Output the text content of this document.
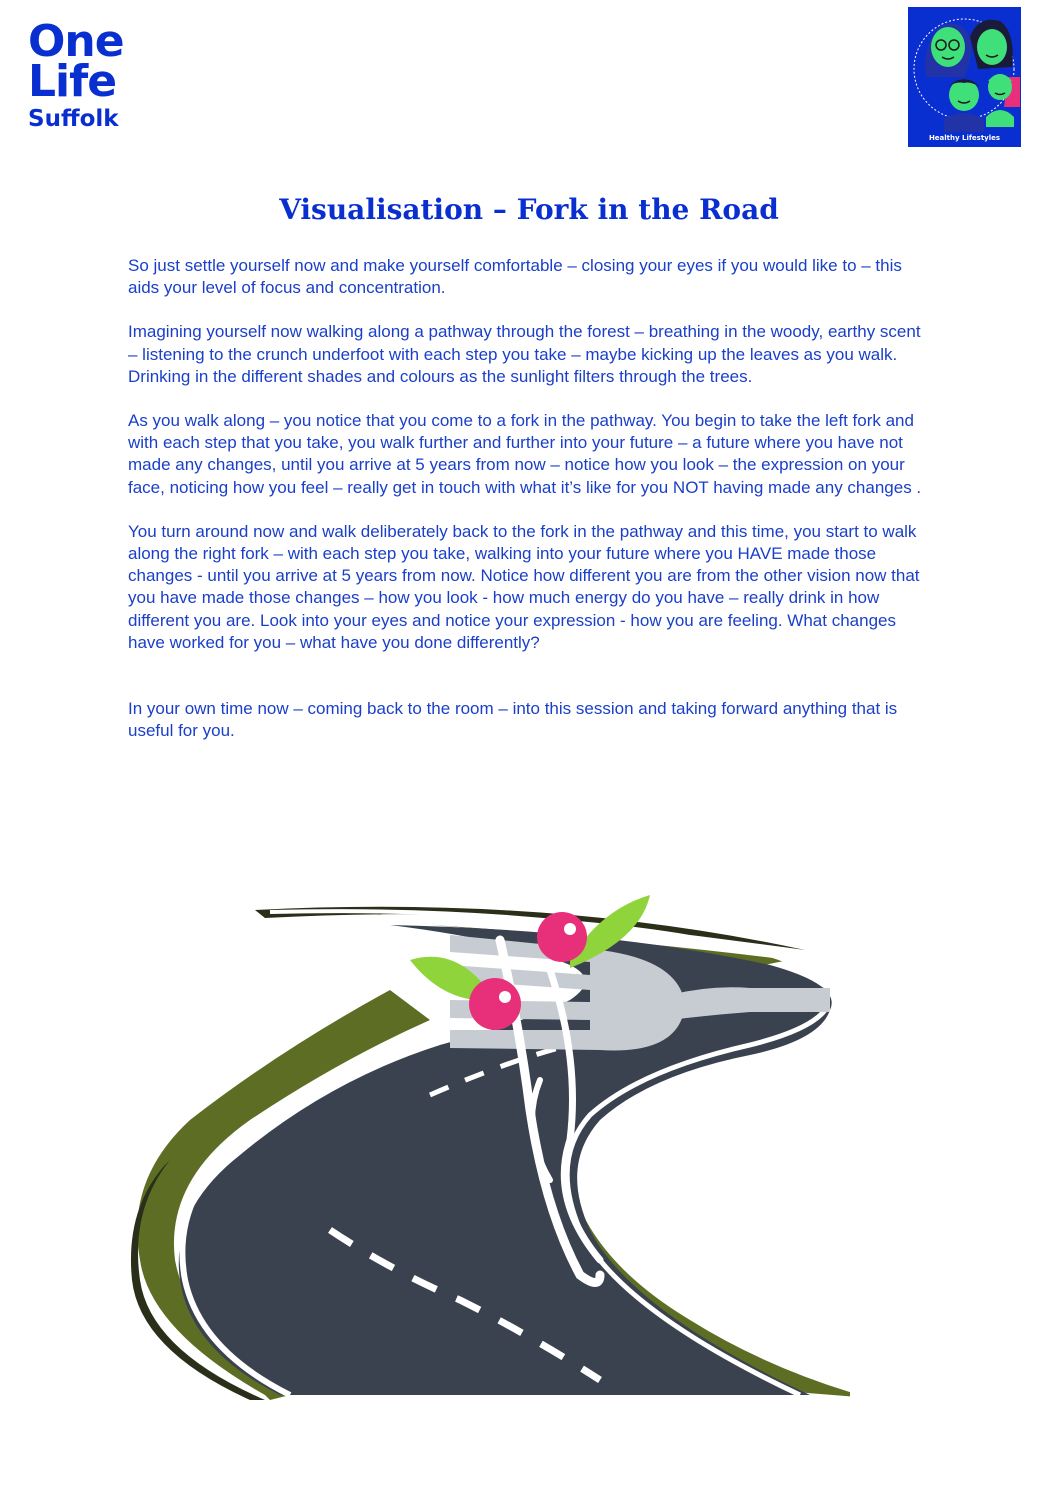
One
Life
Suffolk
Healthy Lifestyles
Visualisation – Fork in the Road

So just settle yourself now and make yourself comfortable – closing your eyes if you would like to – this aids your level of focus and concentration.

Imagining yourself now walking along a pathway through the forest – breathing in the woody, earthy scent – listening to the crunch underfoot with each step you take – maybe kicking up the leaves as you walk. Drinking in the different shades and colours as the sunlight filters through the trees.

As you walk along – you notice that you come to a fork in the pathway. You begin to take the left fork and with each step that you take, you walk further and further into your future – a future where you have not made any changes, until you arrive at 5 years from now – notice how you look – the expression on your face, noticing how you feel – really get in touch with what it’s like for you NOT having made any changes .

You turn around now and walk deliberately back to the fork in the pathway and this time, you start to walk along the right fork – with each step you take, walking into your future where you HAVE made those changes - until you arrive at 5 years from now. Notice how different you are from the other vision now that you have made those changes – how you look - how much energy do you have – really drink in how different you are. Look into your eyes and notice your expression - how you are feeling. What changes have worked for you – what have you done differently?

In your own time now – coming back to the room – into this session and taking forward anything that is useful for you.
